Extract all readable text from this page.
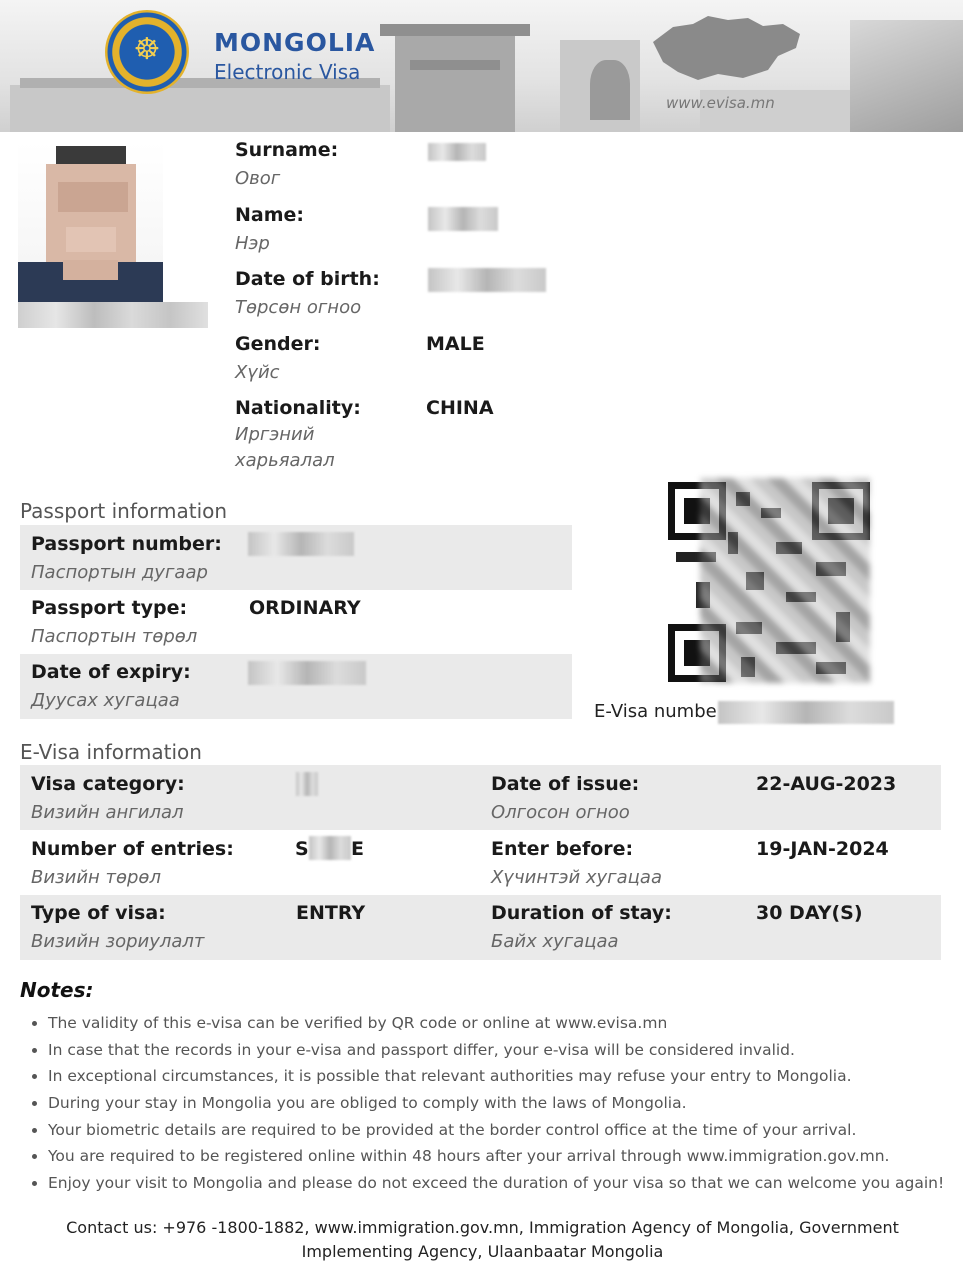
☸ MONGOLIA
Electronic Visa
www.evisa.mn
Surname:
Овог
Name:
Нэр
Date of birth:
Төрсөн огноо
Gender:
Хүйс
MALE
Nationality:
Иргэний
харьяалал
CHINA
Passport information
Passport number:
Паспортын дугаар
Passport type:
Паспортын төрөл
ORDINARY
Date of expiry:
Дуусах хугацаа
E-Visa numbe
E-Visa information
Visa category:
Визийн ангилал
Date of issue:
Олгосон огноо
22-AUG-2023
Number of entries:
Визийн төрөл
S E	Enter before:
Хүчинтэй хугацаа
19-JAN-2024
Type of visa:
Визийн зориулалт
ENTRY	Duration of stay:
Байх хугацаа
30 DAY(S)
Notes:
• The validity of this e-visa can be verified by QR code or online at www.evisa.mn
• In case that the records in your e-visa and passport differ, your e-visa will be considered invalid.
• In exceptional circumstances, it is possible that relevant authorities may refuse your entry to Mongolia.
• During your stay in Mongolia you are obliged to comply with the laws of Mongolia.
• Your biometric details are required to be provided at the border control office at the time of your arrival.
• You are required to be registered online within 48 hours after your arrival through www.immigration.gov.mn.
• Enjoy your visit to Mongolia and please do not exceed the duration of your visa so that we can welcome you again!
Contact us: +976 -1800-1882, www.immigration.gov.mn, Immigration Agency of Mongolia, Government Implementing Agency, Ulaanbaatar Mongolia
